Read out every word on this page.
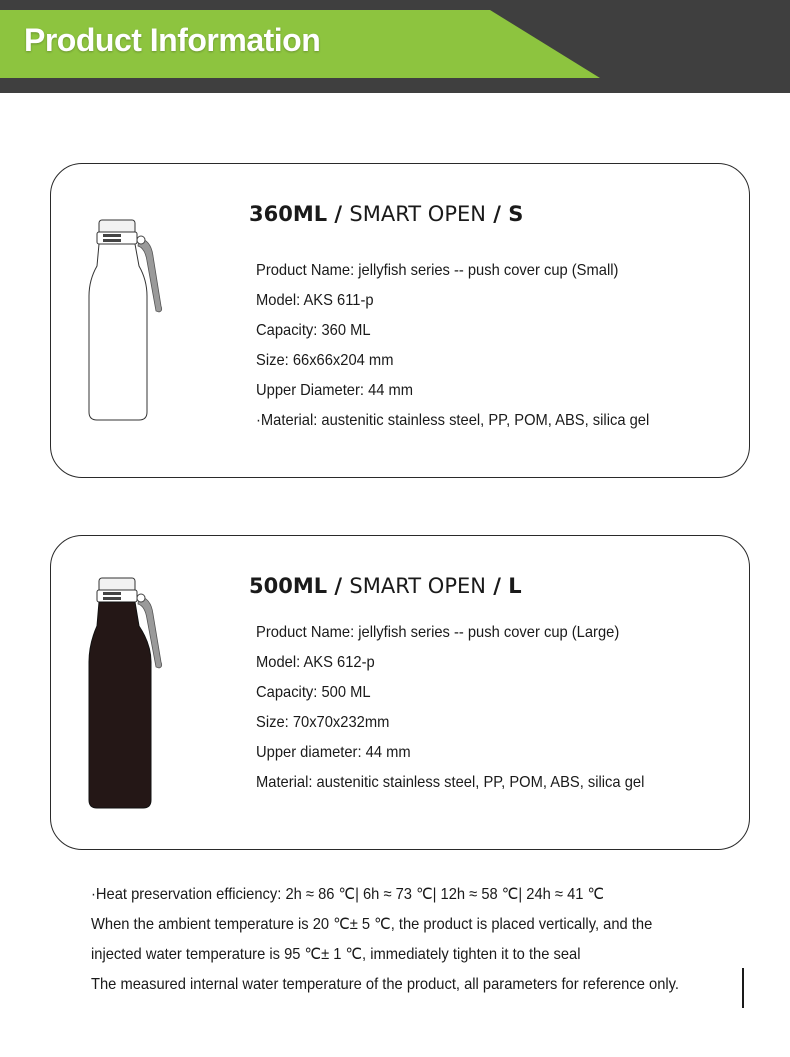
Product Information
360ML / SMART OPEN / S
Product Name: jellyfish series -- push cover cup (Small)
Model: AKS 611-p
Capacity: 360 ML
Size: 66x66x204 mm
Upper Diameter: 44 mm
·Material: austenitic stainless steel, PP, POM, ABS, silica gel
500ML / SMART OPEN / L
Product Name: jellyfish series -- push cover cup (Large)
Model: AKS 612-p
Capacity: 500 ML
Size: 70x70x232mm
Upper diameter: 44 mm
Material: austenitic stainless steel, PP, POM, ABS, silica gel
·Heat preservation efficiency: 2h ≈ 86 ℃| 6h ≈ 73 ℃| 12h ≈ 58 ℃| 24h ≈ 41 ℃
When the ambient temperature is 20 ℃± 5 ℃, the product is placed vertically, and the
injected water temperature is 95 ℃± 1 ℃, immediately tighten it to the seal
The measured internal water temperature of the product, all parameters for reference only.
